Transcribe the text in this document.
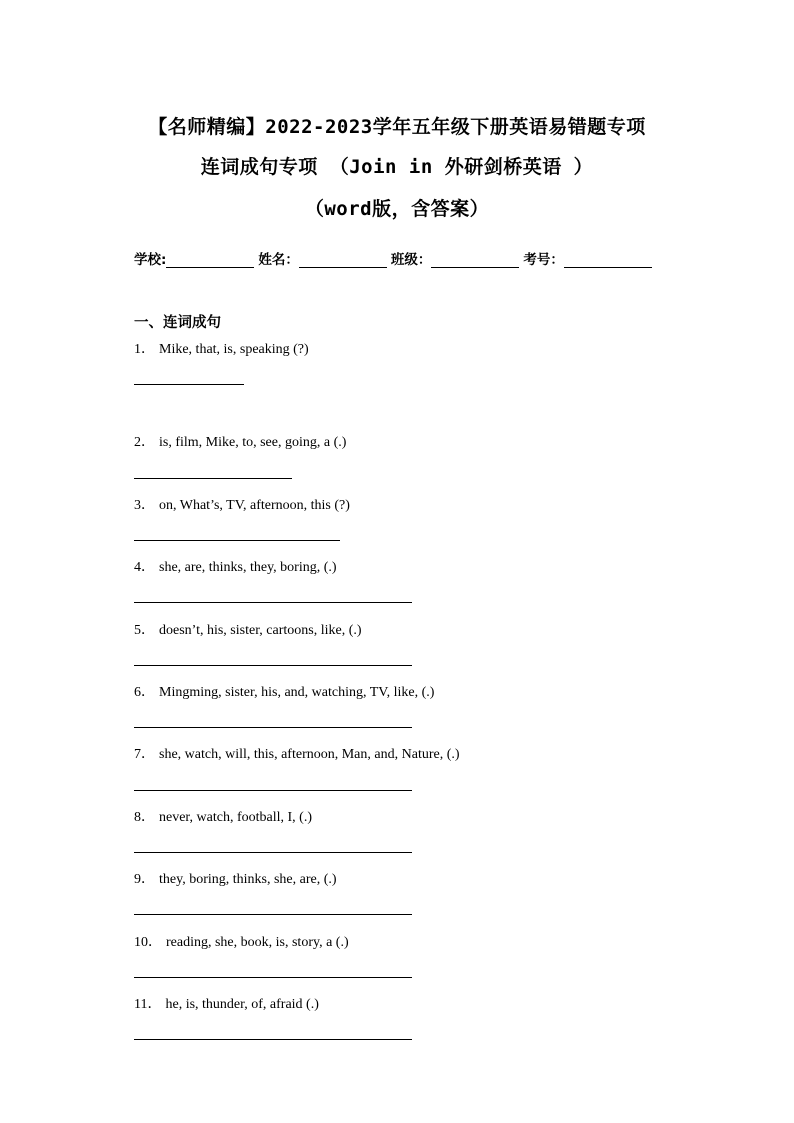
【名师精编】2022-2023学年五年级下册英语易错题专项
连词成句专项 （Join in 外研剑桥英语 ）
（word版，含答案）
学校:	姓名：	班级：	考号：
一、连词成句
1． Mike, that, is, speaking (?)
2． is, film, Mike, to, see, going, a (.)
3． on, What’s, TV, afternoon, this (?)
4． she, are, thinks, they, boring, (.)
5． doesn’t, his, sister, cartoons, like, (.)
6． Mingming, sister, his, and, watching, TV, like, (.)
7． she, watch, will, this, afternoon, Man, and, Nature, (.)
8． never, watch, football, I, (.)
9． they, boring, thinks, she, are, (.)
10． reading, she, book, is, story, a (.)
11． he, is, thunder, of, afraid (.)
